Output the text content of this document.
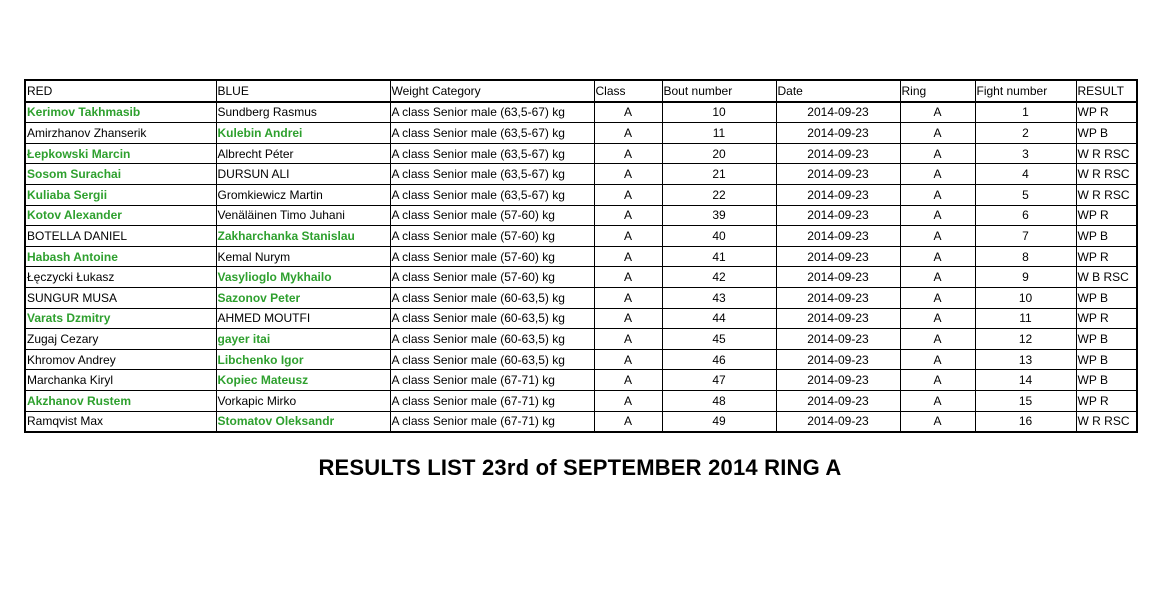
RED	BLUE	Weight Category	Class	Bout number	Date	Ring	Fight number	RESULT
Kerimov Takhmasib	Sundberg Rasmus	A class Senior male (63,5-67) kg	A	10	2014-09-23	A	1	WP R
Amirzhanov Zhanserik	Kulebin Andrei	A class Senior male (63,5-67) kg	A	11	2014-09-23	A	2	WP B
Łepkowski Marcin	Albrecht Péter	A class Senior male (63,5-67) kg	A	20	2014-09-23	A	3	W R RSC
Sosom Surachai	DURSUN ALI	A class Senior male (63,5-67) kg	A	21	2014-09-23	A	4	W R RSC
Kuliaba Sergii	Gromkiewicz Martin	A class Senior male (63,5-67) kg	A	22	2014-09-23	A	5	W R RSC
Kotov Alexander	Venäläinen Timo Juhani	A class Senior male (57-60) kg	A	39	2014-09-23	A	6	WP R
BOTELLA DANIEL	Zakharchanka Stanislau	A class Senior male (57-60) kg	A	40	2014-09-23	A	7	WP B
Habash Antoine	Kemal Nurym	A class Senior male (57-60) kg	A	41	2014-09-23	A	8	WP R
Łęczycki Łukasz	Vasylioglo Mykhailo	A class Senior male (57-60) kg	A	42	2014-09-23	A	9	W B RSC
SUNGUR MUSA	Sazonov Peter	A class Senior male (60-63,5) kg	A	43	2014-09-23	A	10	WP B
Varats Dzmitry	AHMED MOUTFI	A class Senior male (60-63,5) kg	A	44	2014-09-23	A	11	WP R
Zugaj Cezary	gayer itai	A class Senior male (60-63,5) kg	A	45	2014-09-23	A	12	WP B
Khromov Andrey	Libchenko Igor	A class Senior male (60-63,5) kg	A	46	2014-09-23	A	13	WP B
Marchanka Kiryl	Kopiec Mateusz	A class Senior male (67-71) kg	A	47	2014-09-23	A	14	WP B
Akzhanov Rustem	Vorkapic Mirko	A class Senior male (67-71) kg	A	48	2014-09-23	A	15	WP R
Ramqvist Max	Stomatov Oleksandr	A class Senior male (67-71) kg	A	49	2014-09-23	A	16	W R RSC
RESULTS LIST 23rd of SEPTEMBER 2014 RING A
